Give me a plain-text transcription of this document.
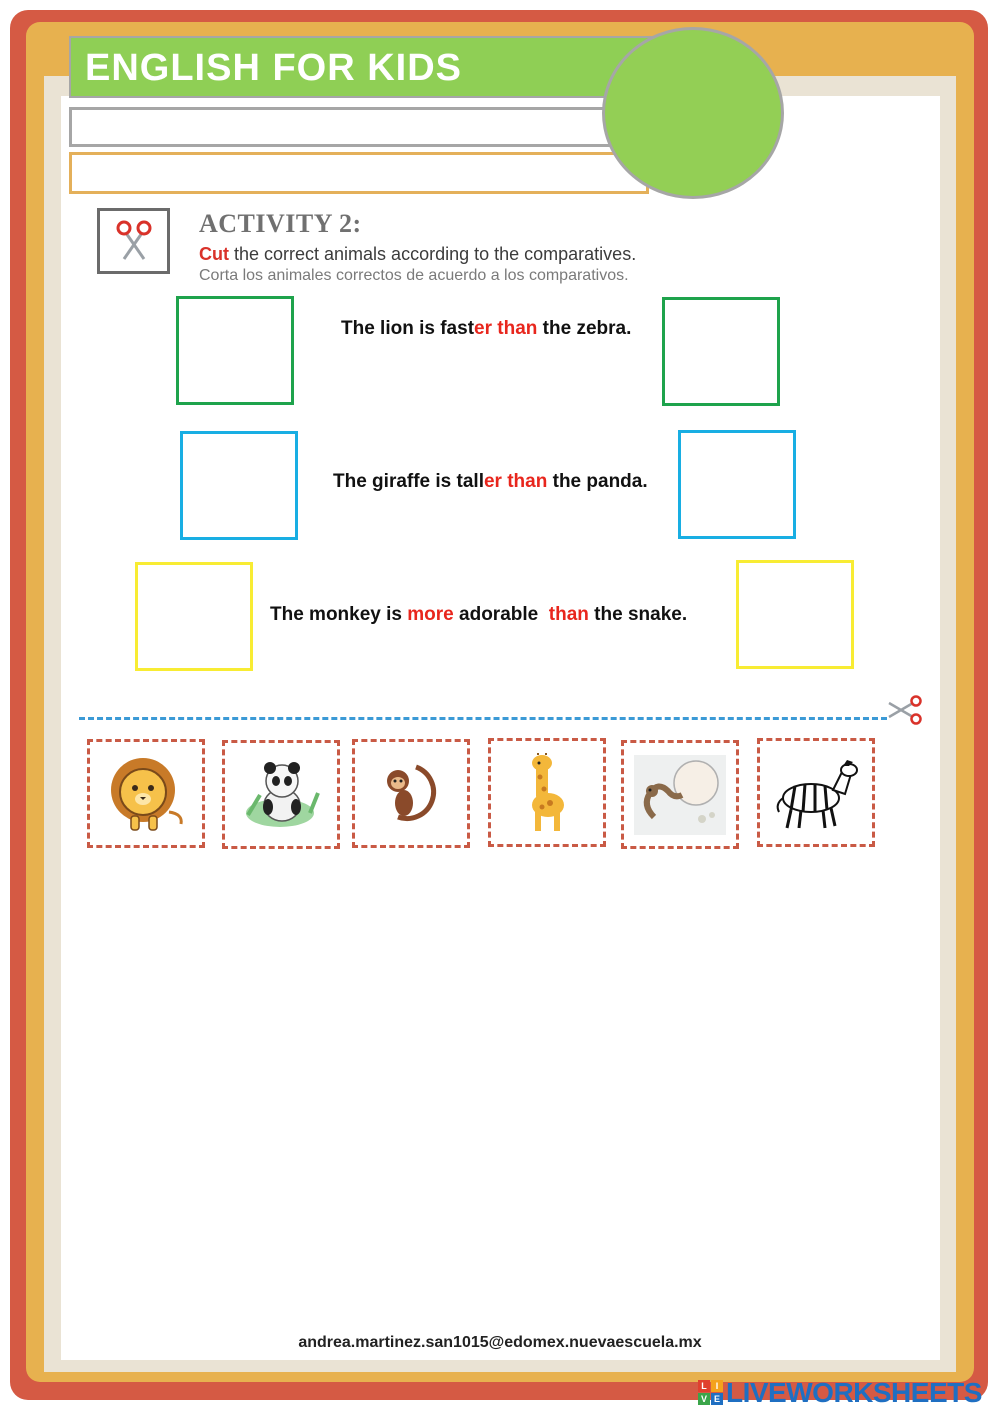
ENGLISH FOR KIDS
ACTIVITY 2:
Cut the correct animals according to the comparatives.
Corta los animales correctos de acuerdo a los comparativos.
The lion is faster than the zebra.
The giraffe is taller than the panda.
The monkey is more adorable  than the snake.
andrea.martinez.san1015@edomex.nuevaescuela.mx
L I
V E LIVEWORKSHEETS
